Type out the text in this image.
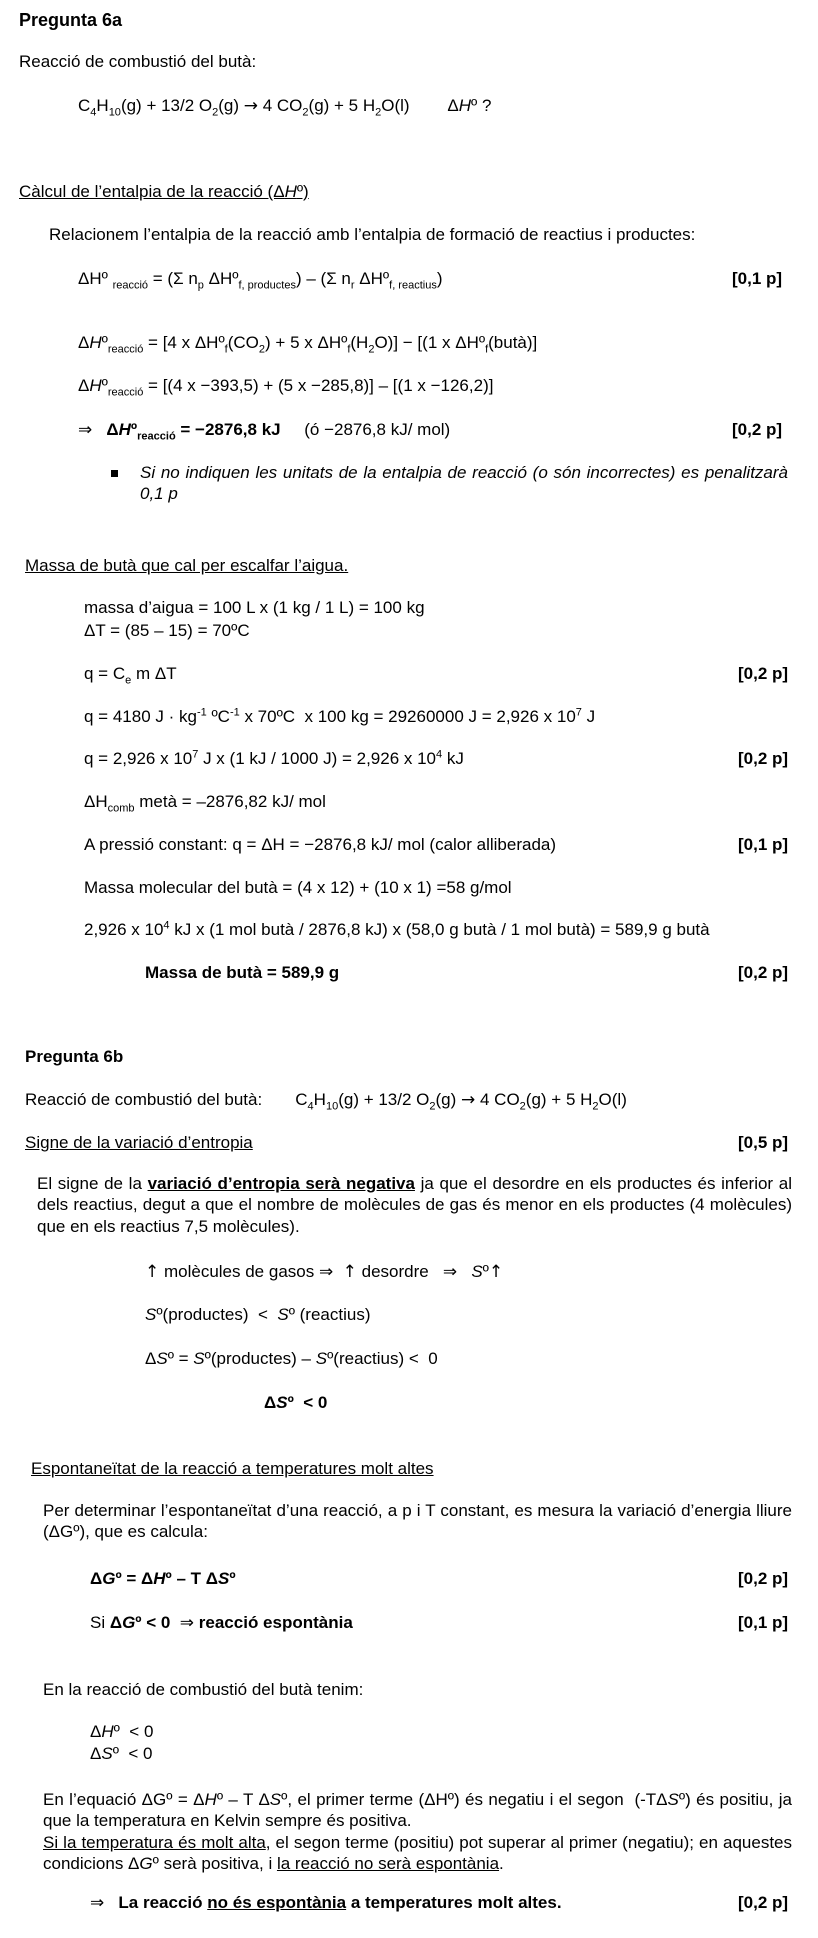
Pregunta 6a
Reacció de combustió del butà:
$C_4H_{10}(g) + 13/2$ $O_2(g) \to 4$ $CO_2(g) + 5$ $H_2O(l)$        ΔHº ?
Càlcul de l’entalpia de la reacció (ΔHº)
Relacionem l’entalpia de la reacció amb l’entalpia de formació de reactius i productes:
ΔHº $_{reacció}$ = (Σ $n_p$ ΔHº$_{f, productes}$) – (Σ $n_r$ ΔHº$_{f, reactius}$)	[0,1 p]
ΔHº$_{reacció}$ = [4 x $\Delta Hº_f(CO_2) + 5$ x $\Delta Hº_f(H_2O)] - [(1$ x ΔHº$_f$(butà)]
ΔHº$_{reacció}$ = [(4 x −393,5) + (5 x −285,8)] – [(1 x −126,2)]
⇒ ΔHº$_{reacció}$ = −2876,8 kJ     (ó −2876,8 kJ/ mol)	[0,2 p]
Si no indiquen les unitats de la entalpia de reacció (o són incorrectes) es penalitzarà 0,1 p
Massa de butà que cal per escalfar l’aigua.
massa d’aigua = 100 L x (1 kg / 1 L) = 100 kg
ΔT = (85 – 15) = 70ºC
$q = C_e$ m ΔT	[0,2 p]
q = 4180 $J \cdot kg^{-1}$ ºC$^{-1}$ x 70ºC  x 100 kg = 29260000 J = 2,926 x $10^7$ J
q = 2,926 x $10^7$ J x (1 kJ / 1000 J) = 2,926 x $10^4$ kJ	[0,2 p]
$\Delta H_{comb}$ metà = –2876,82 kJ/ mol
A pressió constant: q = ΔH = −2876,8 kJ/ mol (calor alliberada)	[0,1 p]
Massa molecular del butà = (4 x 12) + (10 x 1) =58 g/mol
2,926 x $10^4$ kJ x (1 mol butà / 2876,8 kJ) x (58,0 g butà / 1 mol butà) = 589,9 g butà
Massa de butà = 589,9 g	[0,2 p]
Pregunta 6b
Reacció de combustió del butà:       $C_4H_{10}(g) + 13/2$ $O_2(g) \to 4$ $CO_2(g) + 5$ $H_2O(l)$
Signe de la variació d’entropia	[0,5 p]
El signe de la variació d’entropia serà negativa ja que el desordre en els productes és inferior al dels reactius, degut a que el nombre de molècules de gas és menor en els productes (4 molècules) que en els reactius 7,5 molècules).
↑ molècules de gasos ⇒ ↑ desordre   ⇒ Sº↑
Sº(productes)  <  Sº (reactius)
ΔSº = Sº(productes) – Sº(reactius) <  0
ΔSº  < 0
Espontaneïtat de la reacció a temperatures molt altes
Per determinar l’espontaneïtat d’una reacció, a p i T constant, es mesura la variació d’energia lliure (ΔGº), que es calcula:
ΔGº = ΔHº – T ΔSº	[0,2 p]
Si ΔGº < 0 ⇒ reacció espontània	[0,1 p]
En la reacció de combustió del butà tenim:
ΔHº  < 0
ΔSº  < 0
En l’equació ΔGº = ΔHº – T ΔSº, el primer terme (ΔHº) és negatiu i el segon  (-TΔSº) és positiu, ja que la temperatura en Kelvin sempre és positiva.
Si la temperatura és molt alta, el segon terme (positiu) pot superar al primer (negatiu); en aquestes condicions ΔGº serà positiva, i la reacció no serà espontània.
⇒ La reacció no és espontània a temperatures molt altes.	[0,2 p]
